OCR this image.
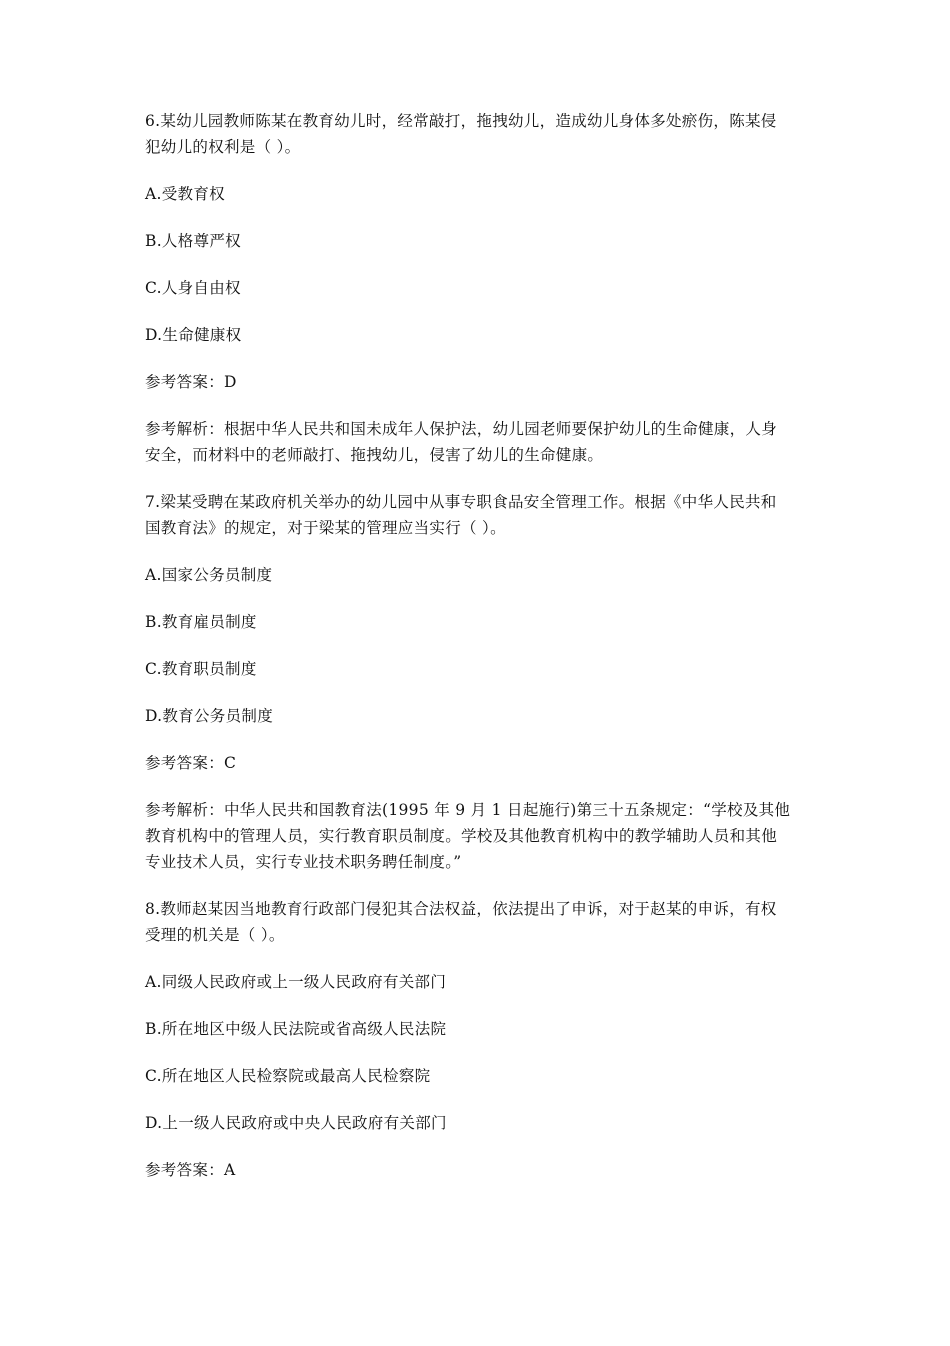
6.某幼儿园教师陈某在教育幼儿时，经常敲打，拖拽幼儿，造成幼儿身体多处瘀伤，陈某侵
犯幼儿的权利是（ ）。

A.受教育权

B.人格尊严权

C.人身自由权

D.生命健康权

参考答案：D

参考解析：根据中华人民共和国未成年人保护法，幼儿园老师要保护幼儿的生命健康，人身
安全，而材料中的老师敲打、拖拽幼儿，侵害了幼儿的生命健康。

7.梁某受聘在某政府机关举办的幼儿园中从事专职食品安全管理工作。根据《中华人民共和
国教育法》的规定，对于梁某的管理应当实行（ ）。

A.国家公务员制度

B.教育雇员制度

C.教育职员制度

D.教育公务员制度

参考答案：C

参考解析：中华人民共和国教育法(1995 年 9 月 1 日起施行)第三十五条规定：“学校及其他
教育机构中的管理人员，实行教育职员制度。学校及其他教育机构中的教学辅助人员和其他
专业技术人员，实行专业技术职务聘任制度。”

8.教师赵某因当地教育行政部门侵犯其合法权益，依法提出了申诉，对于赵某的申诉，有权
受理的机关是（ ）。

A.同级人民政府或上一级人民政府有关部门

B.所在地区中级人民法院或省高级人民法院

C.所在地区人民检察院或最高人民检察院

D.上一级人民政府或中央人民政府有关部门

参考答案：A
